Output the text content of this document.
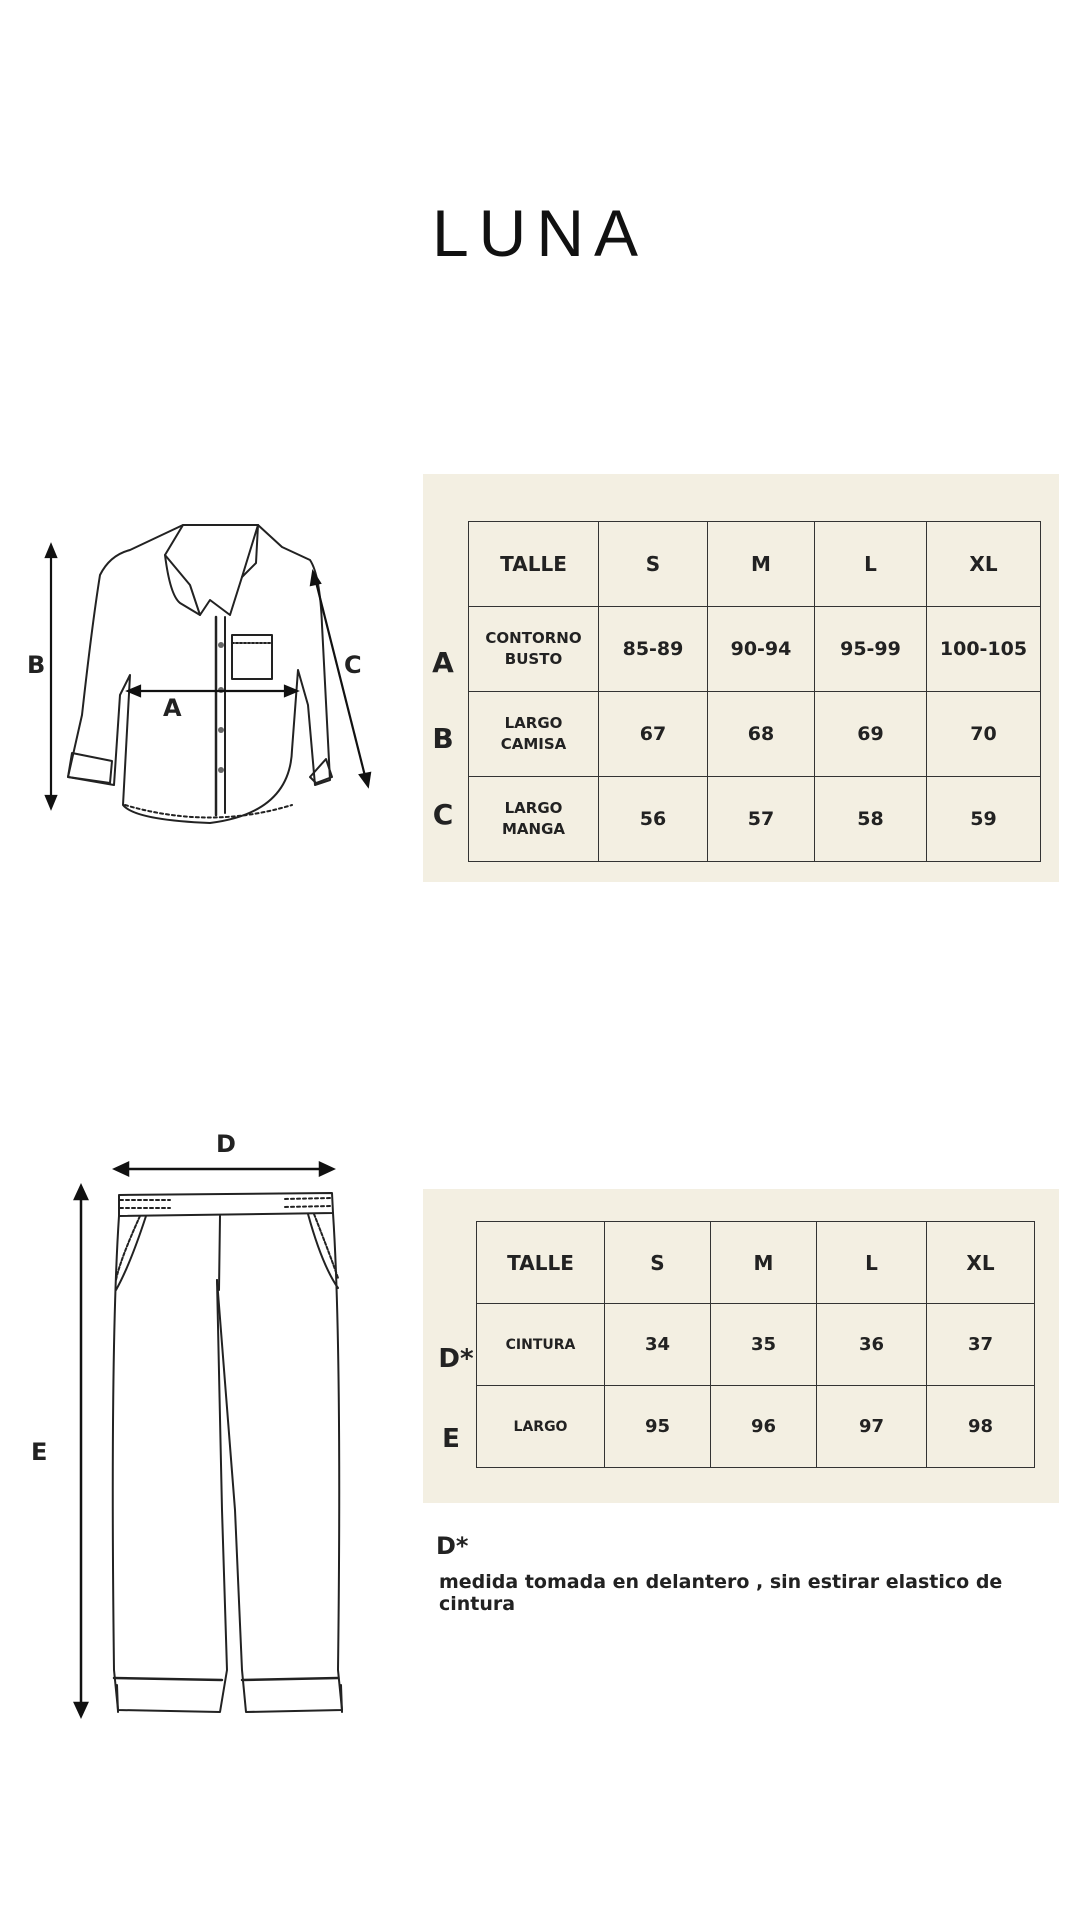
LUNA
B
A
C	A
B
C
TALLE	S	M	L	XL
CONTORNO
BUSTO	85-89	90-94	95-99	100-105
LARGO
CAMISA	67	68	69	70
LARGO
MANGA	56	57	58	59
D
E
D*
E
TALLE	S	M	L	XL
CINTURA	34	35	36	37
LARGO	95	96	97	98
D*
medida tomada en delantero , sin estirar elastico de cintura
